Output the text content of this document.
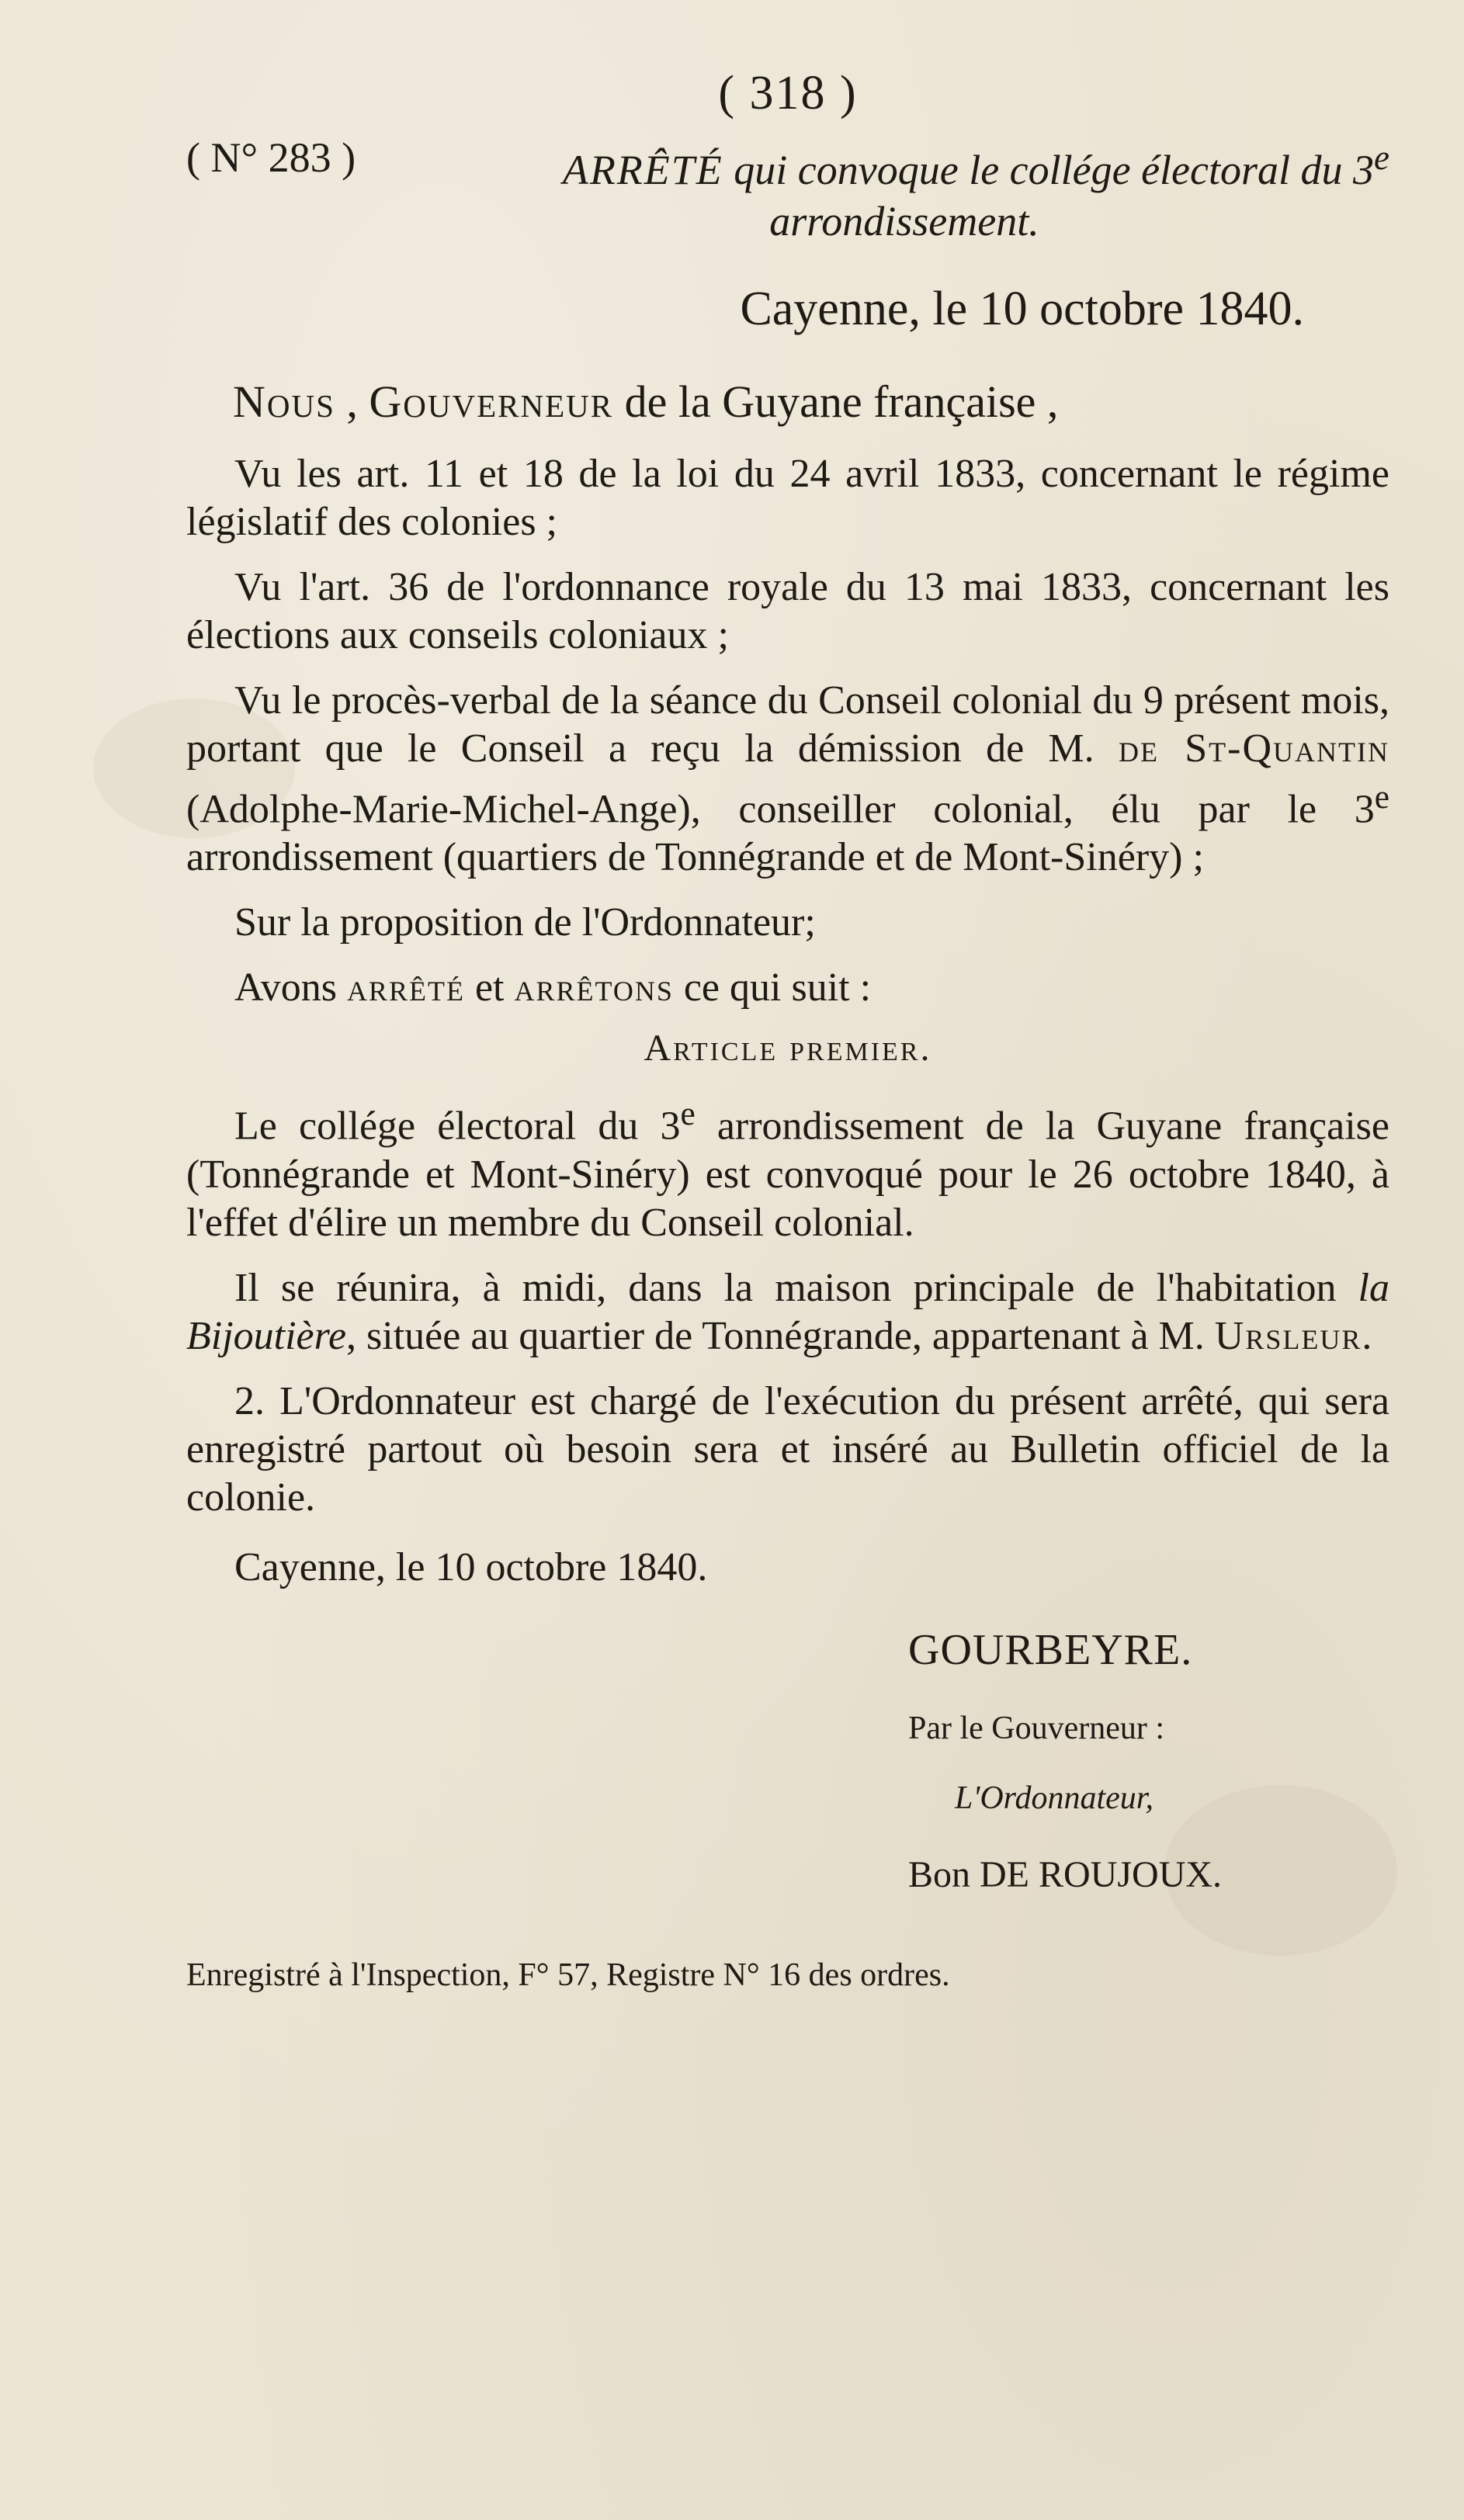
( 318 )
( N° 283 )	ARRÊTÉ qui convoque le collége électoral du 3e
arrondissement.
Cayenne, le 10 octobre 1840.
Nous , Gouverneur de la Guyane française ,
Vu les art. 11 et 18 de la loi du 24 avril 1833, concernant le régime législatif des colonies ;
Vu l'art. 36 de l'ordonnance royale du 13 mai 1833, concernant les élections aux conseils coloniaux ;
Vu le procès-verbal de la séance du Conseil colonial du 9 présent mois, portant que le Conseil a reçu la démission de M. de St-Quantin (Adolphe-Marie-Michel-Ange), conseiller colonial, élu par le 3e arrondissement (quartiers de Tonnégrande et de Mont-Sinéry) ;
Sur la proposition de l'Ordonnateur;
Avons arrêté et arrêtons ce qui suit :
Article premier.
Le collége électoral du 3e arrondissement de la Guyane française (Tonnégrande et Mont-Sinéry) est convoqué pour le 26 octobre 1840, à l'effet d'élire un membre du Conseil colonial.
Il se réunira, à midi, dans la maison principale de l'habitation la Bijoutière, située au quartier de Tonnégrande, appartenant à M. Ursleur.
2. L'Ordonnateur est chargé de l'exécution du présent arrêté, qui sera enregistré partout où besoin sera et inséré au Bulletin officiel de la colonie.
Cayenne, le 10 octobre 1840.
GOURBEYRE.
Par le Gouverneur :
L'Ordonnateur,
Bon DE ROUJOUX.
Enregistré à l'Inspection, F° 57, Registre N° 16 des ordres.
